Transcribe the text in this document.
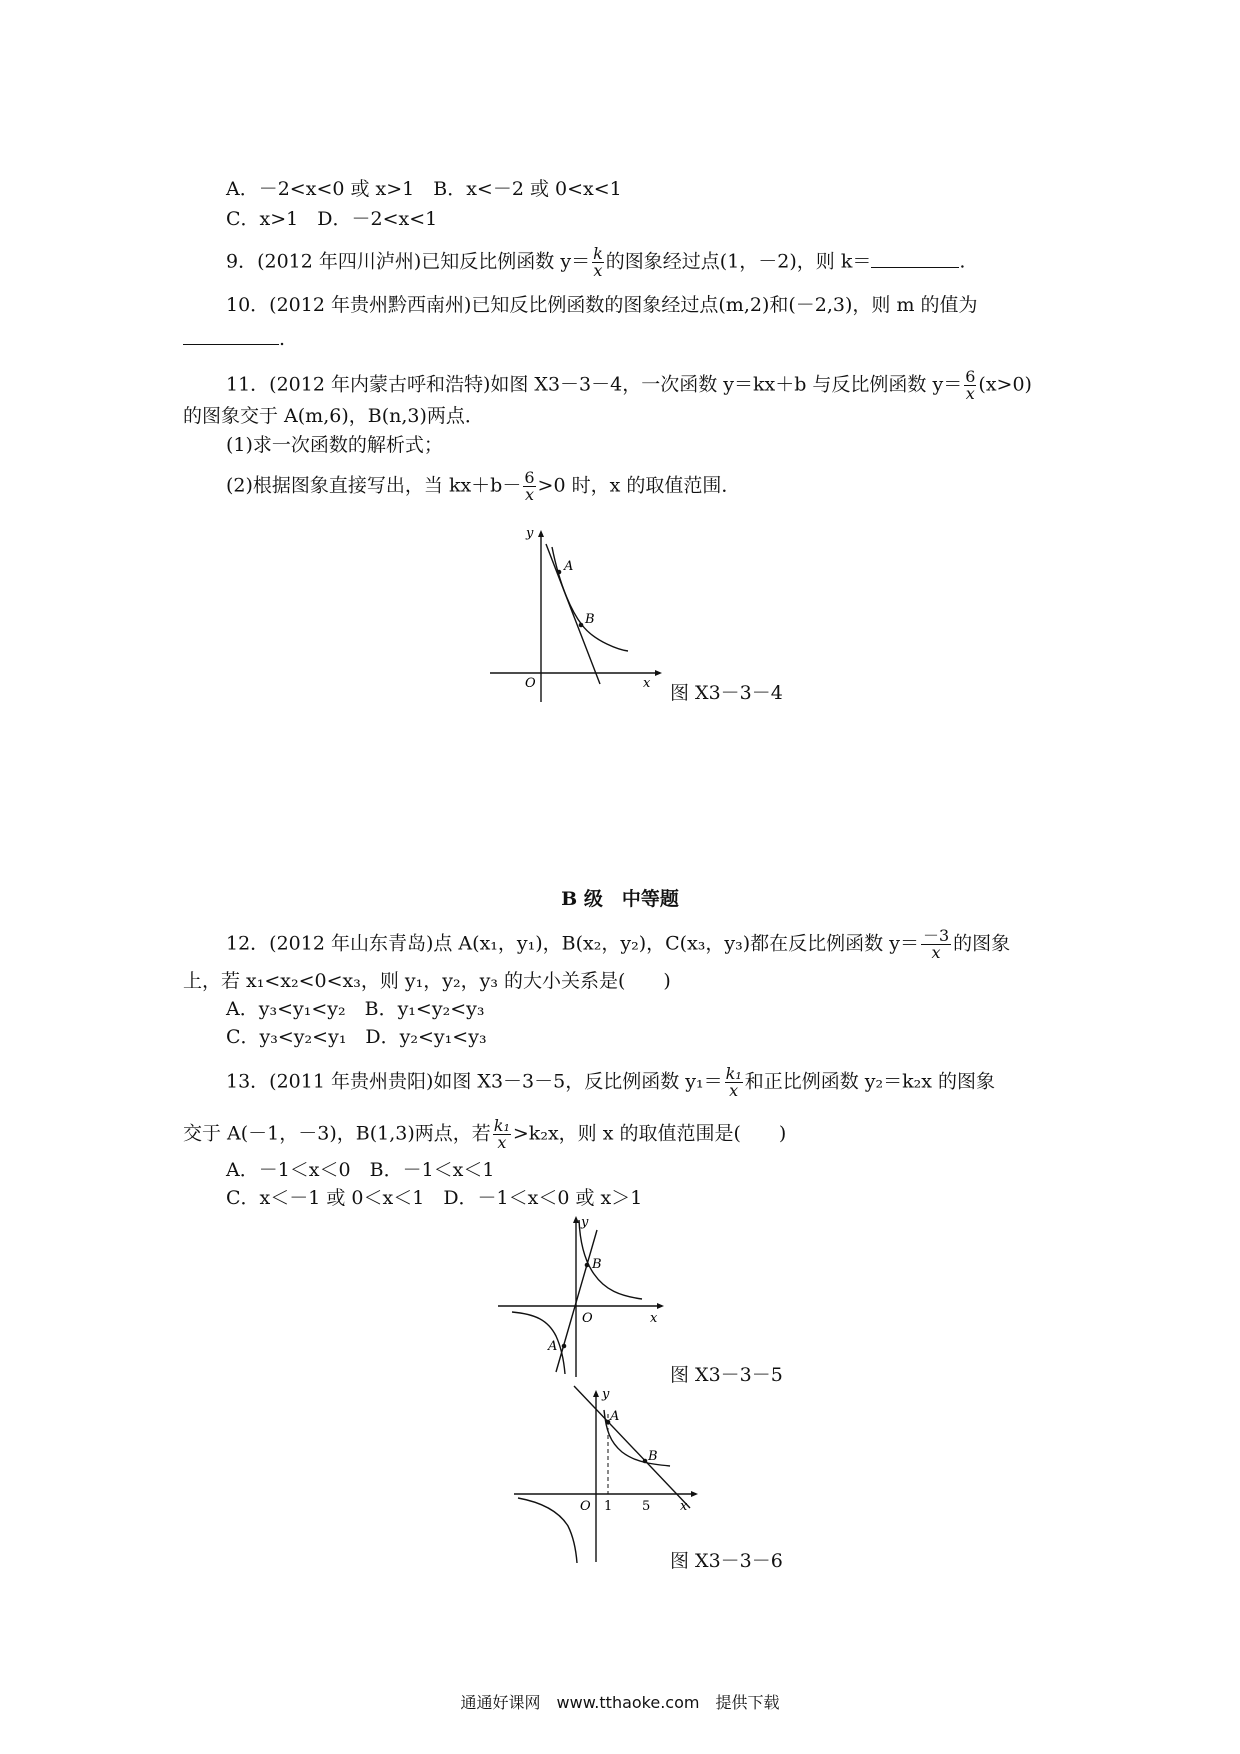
A．－2<x<0 或 x>1　B．x<－2 或 0<x<1
C．x>1　D．－2<x<1
9．(2012 年四川泸州)已知反比例函数 $y= \frac{k}{x}$ 的图象经过点(1，－2)，则 k＝	.
10．(2012 年贵州黔西南州)已知反比例函数的图象经过点(m,2)和(－2,3)，则 m 的值为
.
11．(2012 年内蒙古呼和浩特)如图 X3－3－4，一次函数 y＝kx＋b 与反比例函数 $y= \frac{6}{x} (x>0)$
的图象交于 A(m,6)，B(n,3)两点．
(1)求一次函数的解析式；
(2)根据图象直接写出，当 $kx+b- \frac{6}{x} >0$ 时，x 的取值范围．
y
x
O
A
B
图 X3－3－4
B 级　中等题
12．(2012 年山东青岛)点 A(x₁，y₁)，B(x₂，y₂)，C(x₃，y₃)都在反比例函数 $y= \frac{-3}{x}$ 的图象
上，若 x₁<x₂<0<x₃，则 y₁，y₂，y₃ 的大小关系是(　　)
A．y₃<y₁<y₂　B．y₁<y₂<y₃
C．y₃<y₂<y₁　D．y₂<y₁<y₃
13．(2011 年贵州贵阳)如图 X3－3－5，反比例函数 $y_1= \frac{\text{k₁}}{x}$ 和正比例函数 y₂＝k₂x 的图象
交于 A(－1，－3)，B(1,3)两点，若 $\frac{\text{k₁}}{x} >k_2x$，则 x 的取值范围是(　　)
A．－1＜x＜0　B．－1＜x＜1
C．x＜－1 或 0＜x＜1　D．－1＜x＜0 或 x＞1
y
x
O
B
A
图 X3－3－5
y
x
O
A
B
1 5
图 X3－3－6
通通好课网　www.tthaoke.com　提供下载
